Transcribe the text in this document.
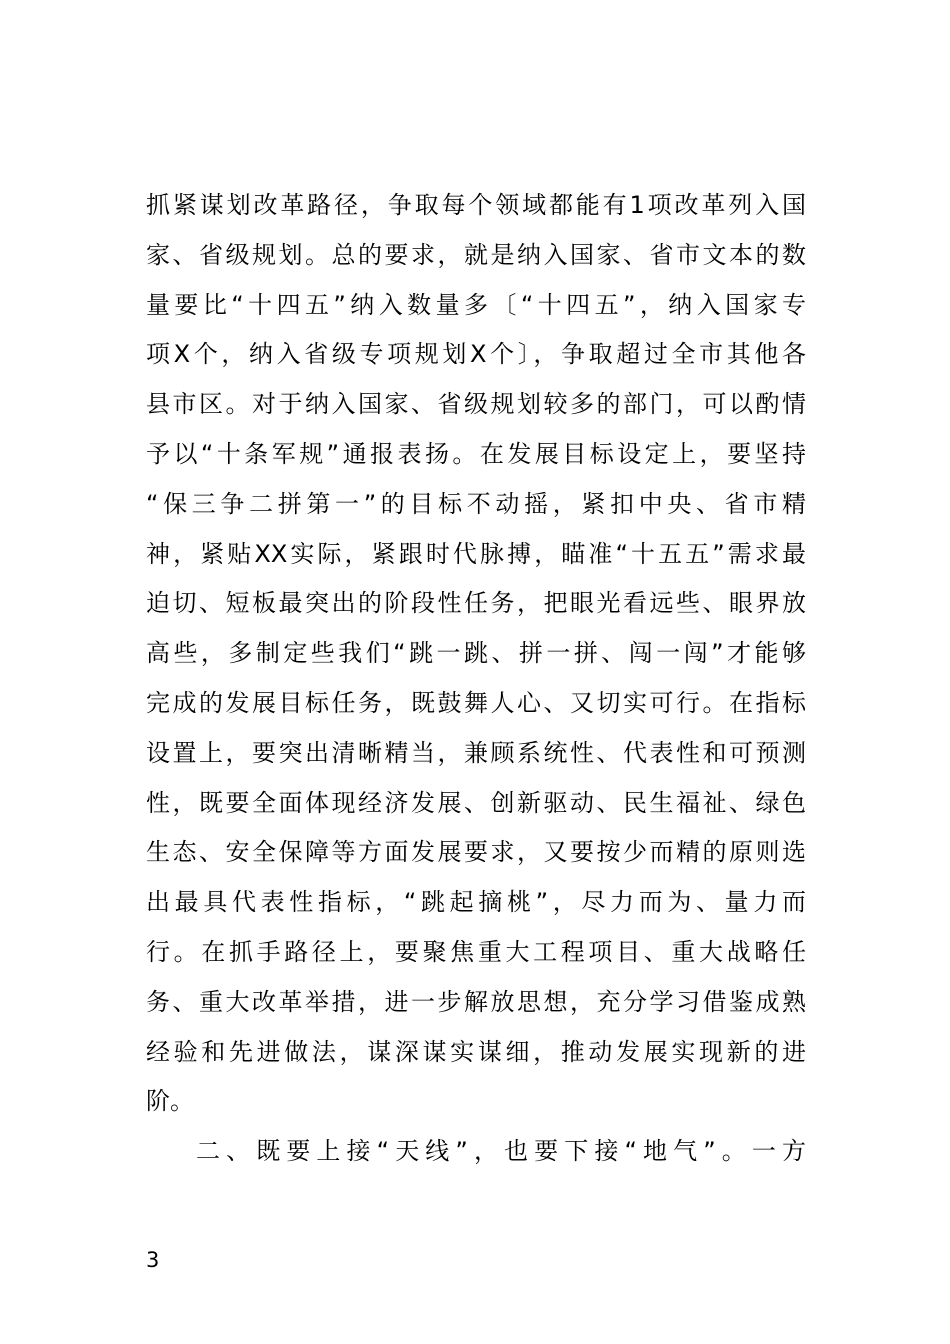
抓紧谋划改革路径，争取每个领域都能有1项改革列入国
家、省级规划。总的要求，就是纳入国家、省市文本的数
量要比“十四五”纳入数量多〔“十四五”，纳入国家专
项X个，纳入省级专项规划X个〕，争取超过全市其他各
县市区。对于纳入国家、省级规划较多的部门，可以酌情
予以“十条军规”通报表扬。在发展目标设定上，要坚持
“保三争二拼第一”的目标不动摇，紧扣中央、省市精
神，紧贴XX实际，紧跟时代脉搏，瞄准“十五五”需求最
迫切、短板最突出的阶段性任务，把眼光看远些、眼界放
高些，多制定些我们“跳一跳、拼一拼、闯一闯”才能够
完成的发展目标任务，既鼓舞人心、又切实可行。在指标
设置上，要突出清晰精当，兼顾系统性、代表性和可预测
性，既要全面体现经济发展、创新驱动、民生福祉、绿色
生态、安全保障等方面发展要求，又要按少而精的原则选
出最具代表性指标，“跳起摘桃”，尽力而为、量力而
行。在抓手路径上，要聚焦重大工程项目、重大战略任
务、重大改革举措，进一步解放思想，充分学习借鉴成熟
经验和先进做法，谋深谋实谋细，推动发展实现新的进
阶。
二、既要上接“天线”，也要下接“地气”。一方
3
